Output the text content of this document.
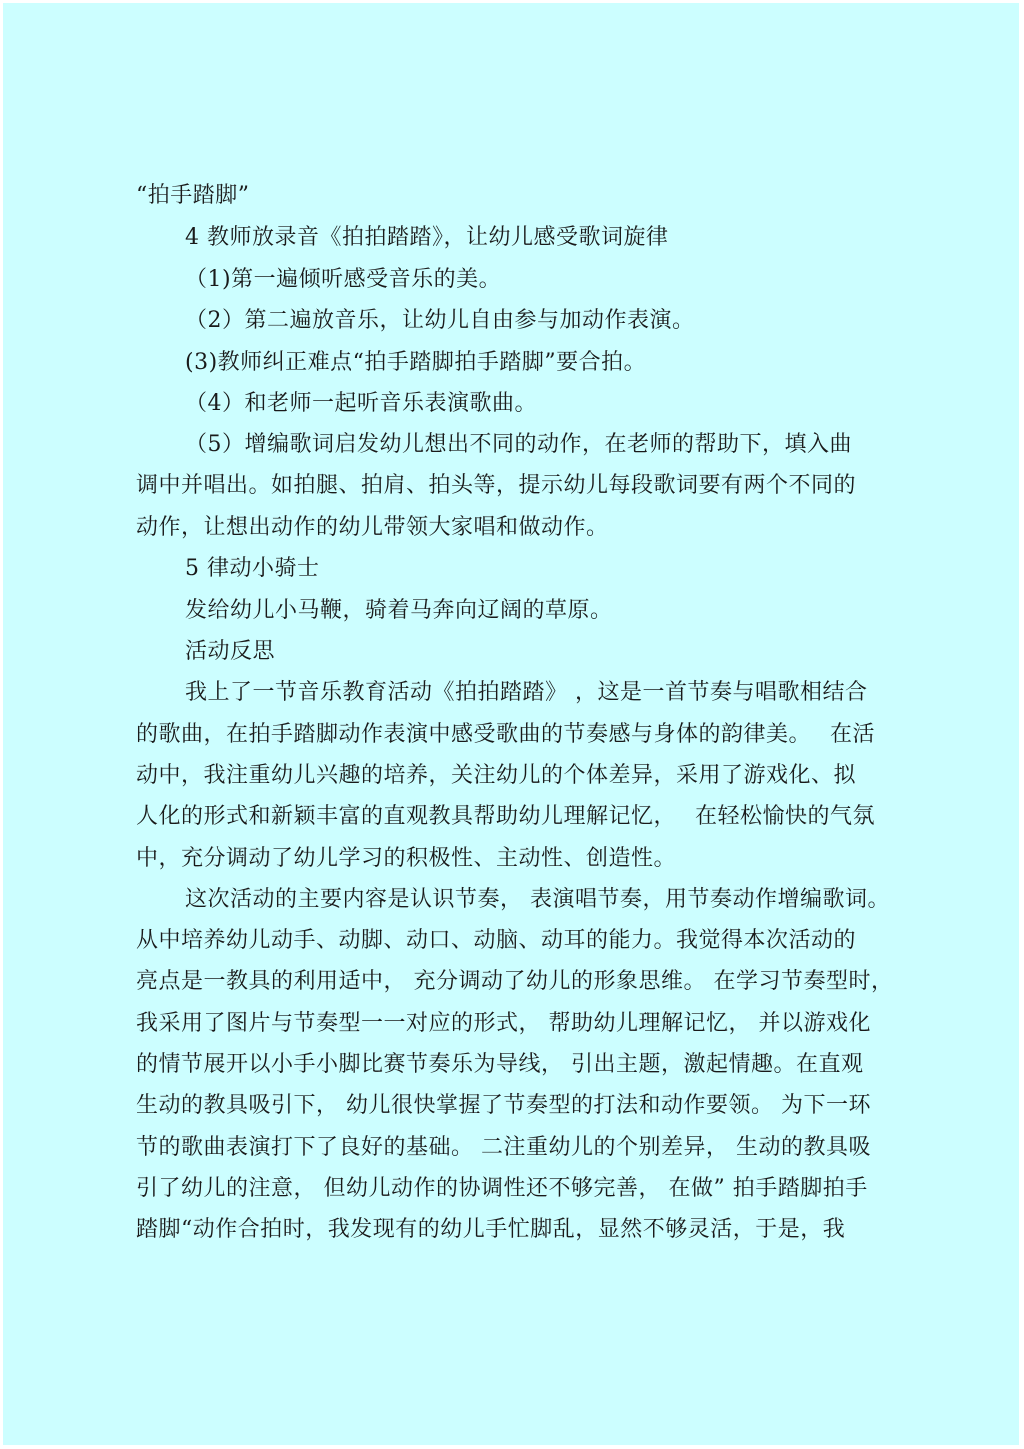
“拍手踏脚”
4 教师放录音《拍拍踏踏》，让幼儿感受歌词旋律
（1)第一遍倾听感受音乐的美。
（2）第二遍放音乐，让幼儿自由参与加动作表演。
(3)教师纠正难点“拍手踏脚拍手踏脚”要合拍。
（4）和老师一起听音乐表演歌曲。
（5）增编歌词启发幼儿想出不同的动作，在老师的帮助下，填入曲
调中并唱出。如拍腿、拍肩、拍头等，提示幼儿每段歌词要有两个不同的
动作，让想出动作的幼儿带领大家唱和做动作。
5 律动小骑士
发给幼儿小马鞭，骑着马奔向辽阔的草原。
活动反思
我上了一节音乐教育活动《拍拍踏踏》 ，这是一首节奏与唱歌相结合
的歌曲，在拍手踏脚动作表演中感受歌曲的节奏感与身体的韵律美。　 在活
动中，我注重幼儿兴趣的培养，关注幼儿的个体差异，采用了游戏化、拟
人化的形式和新颖丰富的直观教具帮助幼儿理解记忆，　 在轻松愉快的气氛
中，充分调动了幼儿学习的积极性、主动性、创造性。
这次活动的主要内容是认识节奏， 表演唱节奏，用节奏动作增编歌词。
从中培养幼儿动手、动脚、动口、动脑、动耳的能力。我觉得本次活动的
亮点是一教具的利用适中， 充分调动了幼儿的形象思维。 在学习节奏型时，
我采用了图片与节奏型一一对应的形式， 帮助幼儿理解记忆， 并以游戏化
的情节展开以小手小脚比赛节奏乐为导线， 引出主题，激起情趣。在直观
生动的教具吸引下， 幼儿很快掌握了节奏型的打法和动作要领。 为下一环
节的歌曲表演打下了良好的基础。 二注重幼儿的个别差异， 生动的教具吸
引了幼儿的注意， 但幼儿动作的协调性还不够完善， 在做” 拍手踏脚拍手
踏脚“动作合拍时，我发现有的幼儿手忙脚乱，显然不够灵活，于是，我
